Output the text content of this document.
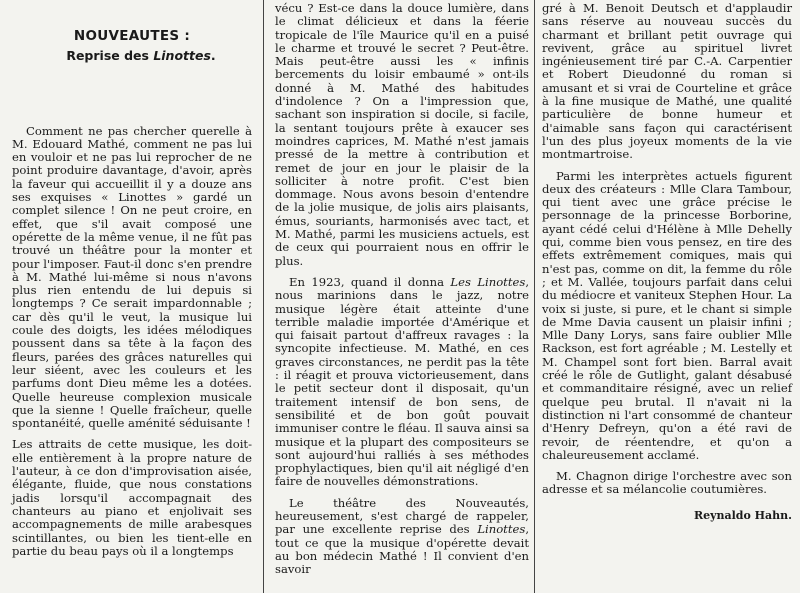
NOUVEAUTES :
Reprise des Linottes.

Comment ne pas chercher querelle à M. Edouard Mathé, comment ne pas lui en vouloir et ne pas lui reprocher de ne point produire davantage, d'avoir, après la faveur qui accueillit il y a douze ans ses exquises « Linottes » gardé un complet silence ! On ne peut croire, en effet, que s'il avait composé une opérette de la même venue, il ne fût pas trouvé un théâtre pour la monter et pour l'imposer. Faut-il donc s'en prendre à M. Mathé lui-même si nous n'avons plus rien entendu de lui depuis si longtemps ? Ce serait impardonnable ; car dès qu'il le veut, la musique lui coule des doigts, les idées mélodiques poussent dans sa tête à la façon des fleurs, parées des grâces naturelles qui leur siéent, avec les couleurs et les parfums dont Dieu même les a dotées. Quelle heureuse complexion musicale que la sienne ! Quelle fraîcheur, quelle spontanéité, quelle aménité séduisante !

Les attraits de cette musique, les doit-elle entièrement à la propre nature de l'auteur, à ce don d'improvisation aisée, élégante, fluide, que nous constations jadis lorsqu'il accompagnait des chanteurs au piano et enjolivait ses accompagnements de mille arabesques scintillantes, ou bien les tient-elle en partie du beau pays où il a longtemps

vécu ? Est-ce dans la douce lumière, dans le climat délicieux et dans la féerie tropicale de l'île Maurice qu'il en a puisé le charme et trouvé le secret ? Peut-être. Mais peut-être aussi les « infinis bercements du loisir embaumé » ont-ils donné à M. Mathé des habitudes d'indolence ? On a l'impression que, sachant son inspiration si docile, si facile, la sentant toujours prête à exaucer ses moindres caprices, M. Mathé n'est jamais pressé de la mettre à contribution et remet de jour en jour le plaisir de la solliciter à notre profit. C'est bien dommage. Nous avons besoin d'entendre de la jolie musique, de jolis airs plaisants, émus, souriants, harmonisés avec tact, et M. Mathé, parmi les musiciens actuels, est de ceux qui pourraient nous en offrir le plus.

En 1923, quand il donna Les Linottes, nous marinions dans le jazz, notre musique légère était atteinte d'une terrible maladie importée d'Amérique et qui faisait partout d'affreux ravages : la syncopite infectieuse. M. Mathé, en ces graves circonstances, ne perdit pas la tête : il réagit et prouva victorieusement, dans le petit secteur dont il disposait, qu'un traitement intensif de bon sens, de sensibilité et de bon goût pouvait immuniser contre le fléau. Il sauva ainsi sa musique et la plupart des compositeurs se sont aujourd'hui ralliés à ses méthodes prophylactiques, bien qu'il ait négligé d'en faire de nouvelles démonstrations.

Le théâtre des Nouveautés, heureusement, s'est chargé de rappeler, par une excellente reprise des Linottes, tout ce que la musique d'opérette devait au bon médecin Mathé ! Il convient d'en savoir

gré à M. Benoit Deutsch et d'applaudir sans réserve au nouveau succès du charmant et brillant petit ouvrage qui revivent, grâce au spirituel livret ingénieusement tiré par C.-A. Carpentier et Robert Dieudonné du roman si amusant et si vrai de Courteline et grâce à la fine musique de Mathé, une qualité particulière de bonne humeur et d'aimable sans façon qui caractérisent l'un des plus joyeux moments de la vie montmartroise.

Parmi les interprètes actuels figurent deux des créateurs : Mlle Clara Tambour, qui tient avec une grâce précise le personnage de la princesse Borborine, ayant cédé celui d'Hélène à Mlle Dehelly qui, comme bien vous pensez, en tire des effets extrêmement comiques, mais qui n'est pas, comme on dit, la femme du rôle ; et M. Vallée, toujours parfait dans celui du médiocre et vaniteux Stephen Hour. La voix si juste, si pure, et le chant si simple de Mme Davia causent un plaisir infini ; Mlle Dany Lorys, sans faire oublier Mlle Rackson, est fort agréable ; M. Lestelly et M. Champel sont fort bien. Barral avait créé le rôle de Gutlight, galant désabusé et commanditaire résigné, avec un relief quelque peu brutal. Il n'avait ni la distinction ni l'art consommé de chanteur d'Henry Defreyn, qu'on a été ravi de revoir, de réentendre, et qu'on a chaleureusement acclamé.

M. Chagnon dirige l'orchestre avec son adresse et sa mélancolie coutumières.

Reynaldo Hahn.
